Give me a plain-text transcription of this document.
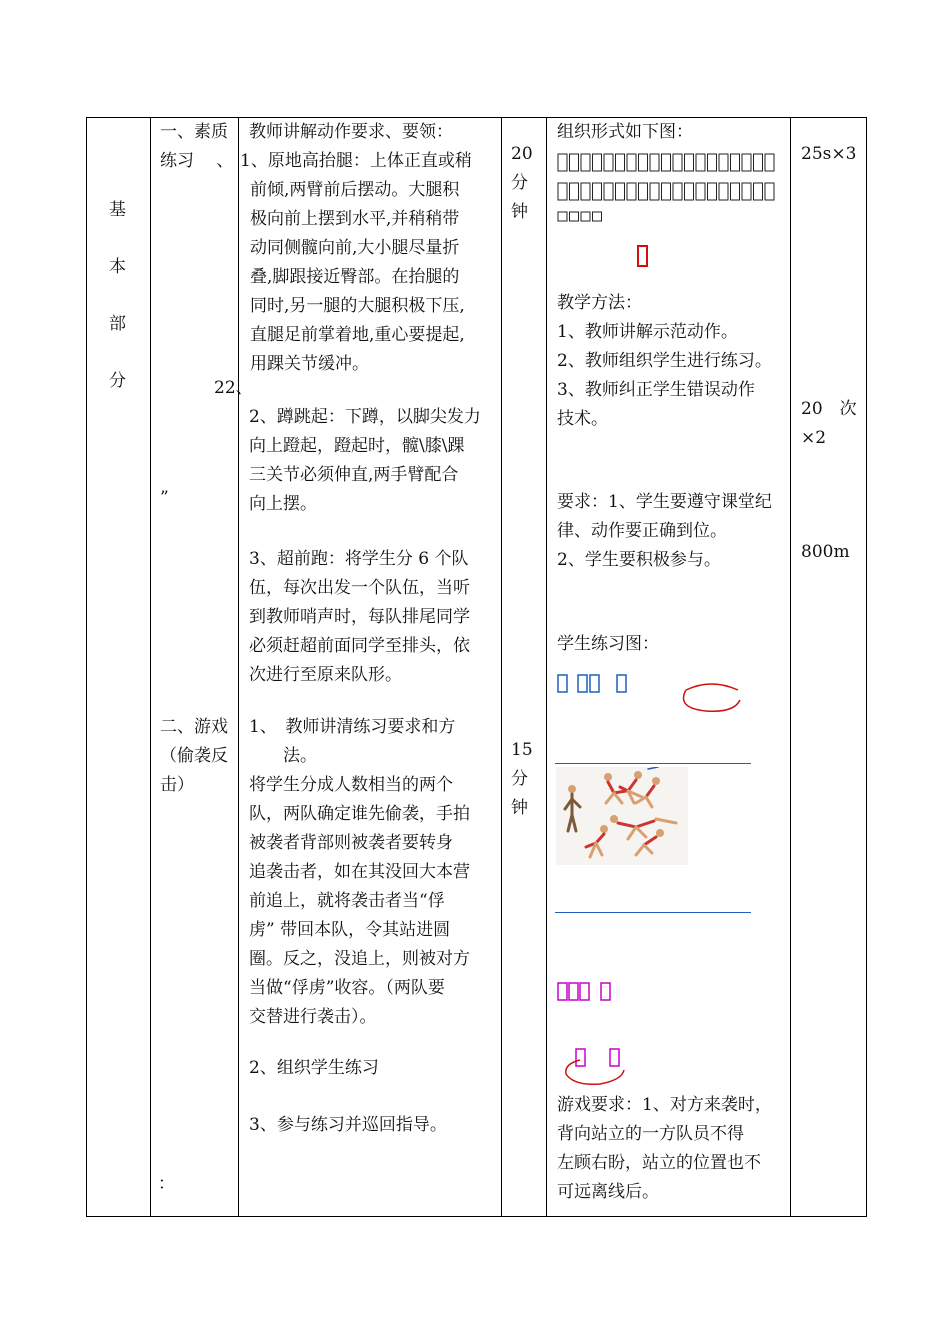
基
本
部
分

一、素质

练习　 、

22、
”

二、游戏

（偷袭反

击）

：
教师讲解动作要求、要领：

1、原地高抬腿：上体正直或稍

前倾,两臂前后摆动。大腿积

极向前上摆到水平,并稍稍带

动同侧髋向前,大小腿尽量折

叠,脚跟接近臀部。在抬腿的

同时,另一腿的大腿积极下压,

直腿足前掌着地,重心要提起,

用踝关节缓冲。

2、蹲跳起：下蹲，以脚尖发力

向上蹬起，蹬起时，髋\膝\踝

三关节必须伸直,两手臂配合

向上摆。

3、超前跑：将学生分 6 个队

伍，每次出发一个队伍，当听

到教师哨声时，每队排尾同学

必须赶超前面同学至排头，依

次进行至原来队形。

1、　教师讲清练习要求和方

　　法。

将学生分成人数相当的两个

队，两队确定谁先偷袭，手拍

被袭者背部则被袭者要转身

追袭击者，如在其没回大本营

前追上，就将袭击者当“俘

虏” 带回本队，令其站进圆

圈。反之，没追上，则被对方

当做“俘虏”收容。（两队要

交替进行袭击）。

2、组织学生练习
3、参与练习并巡回指导。

20

分

钟

15

分

钟

组织形式如下图：
教学方法：

1、教师讲解示范动作。

2、教师组织学生进行练习。

3、教师纠正学生错误动作

技术。

要求：1、学生要遵守课堂纪

律、动作要正确到位。

2、学生要积极参与。

学生练习图：

游戏要求：1、对方来袭时，

背向站立的一方队员不得

左顾右盼，站立的位置也不

可远离线后。

25s×3

20　次

×2

800m
